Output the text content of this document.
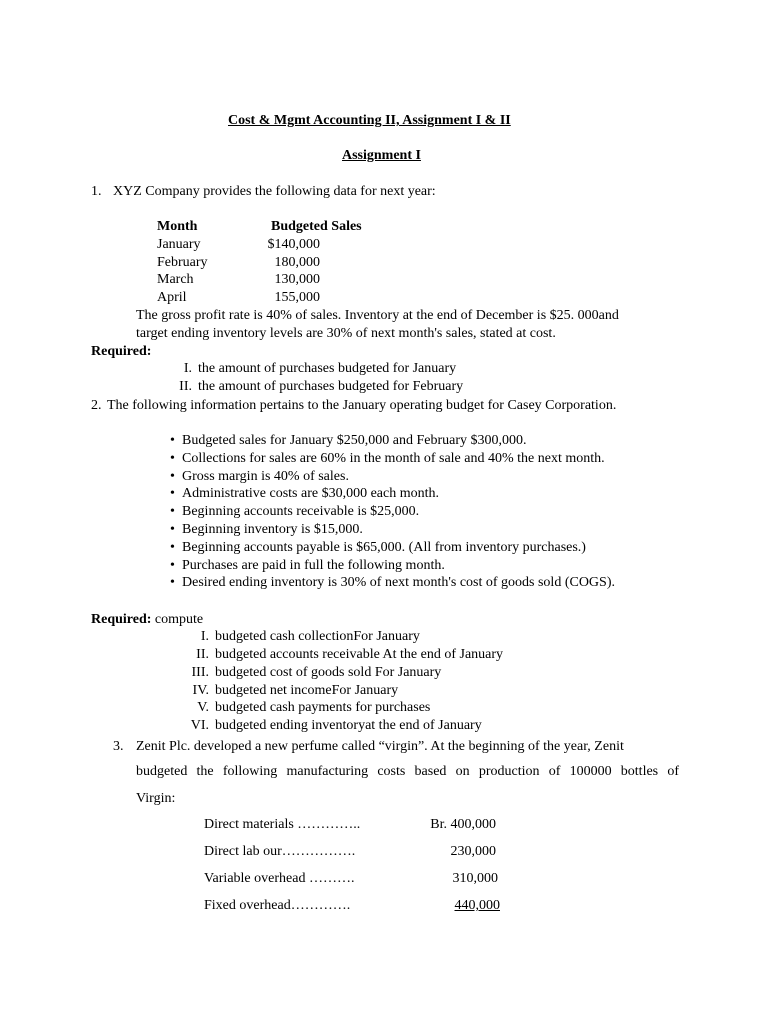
Cost & Mgmt Accounting II, Assignment I & II
Assignment I
1. XYZ Company provides the following data for next year:
Month	Budgeted Sales
January	$140,000
February	180,000
March	130,000
April	155,000
The gross profit rate is 40% of sales. Inventory at the end of December is $25. 000and
target ending inventory levels are 30% of next month's sales, stated at cost.
Required:
I. the amount of purchases budgeted for January
II. the amount of purchases budgeted for February
2. The following information pertains to the January operating budget for Casey Corporation.
• Budgeted sales for January $250,000 and February $300,000.
• Collections for sales are 60% in the month of sale and 40% the next month.
• Gross margin is 40% of sales.
• Administrative costs are $30,000 each month.
• Beginning accounts receivable is $25,000.
• Beginning inventory is $15,000.
• Beginning accounts payable is $65,000. (All from inventory purchases.)
• Purchases are paid in full the following month.
• Desired ending inventory is 30% of next month's cost of goods sold (COGS).
Required: compute
I. budgeted cash collectionFor January
II. budgeted accounts receivable At the end of January
III. budgeted cost of goods sold For January
IV. budgeted net incomeFor January
V. budgeted cash payments for purchases
VI. budgeted ending inventoryat the end of January
3. Zenit Plc. developed a new perfume called “virgin”. At the beginning of the year, Zenit
budgeted the following manufacturing costs based on production of 100000 bottles of
Virgin:
Direct materials …………..	Br. 400,000
Direct lab our…………….	230,000
Variable overhead ……….	310,000
Fixed overhead………….	440,000
